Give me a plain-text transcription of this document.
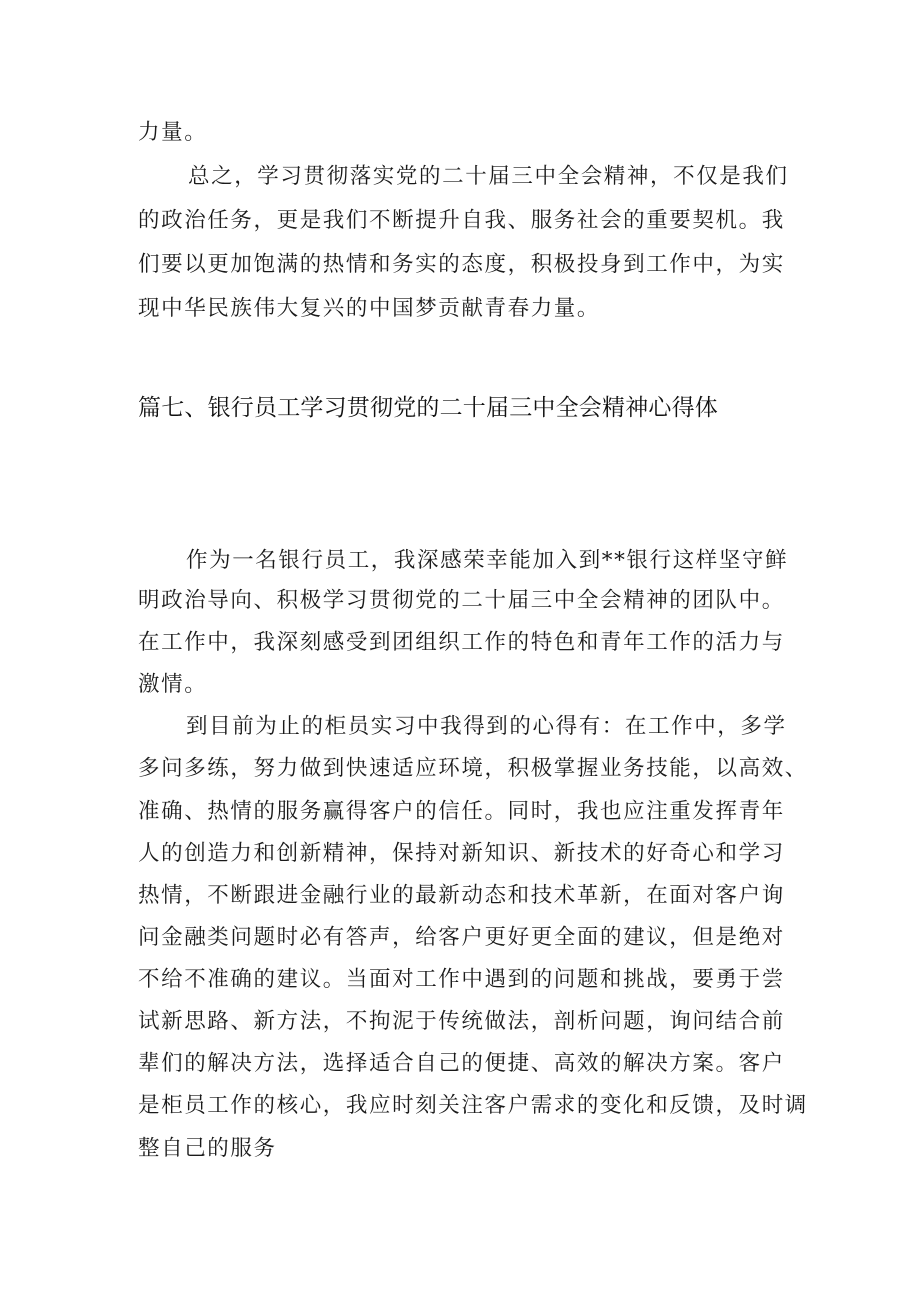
力量。
总之，学习贯彻落实党的二十届三中全会精神，不仅是我们
的政治任务，更是我们不断提升自我、服务社会的重要契机。我
们要以更加饱满的热情和务实的态度，积极投身到工作中，为实
现中华民族伟大复兴的中国梦贡献青春力量。
篇七、银行员工学习贯彻党的二十届三中全会精神心得体
作为一名银行员工，我深感荣幸能加入到**银行这样坚守鲜
明政治导向、积极学习贯彻党的二十届三中全会精神的团队中。
在工作中，我深刻感受到团组织工作的特色和青年工作的活力与
激情。
到目前为止的柜员实习中我得到的心得有：在工作中，多学
多问多练，努力做到快速适应环境，积极掌握业务技能，以高效、
准确、热情的服务赢得客户的信任。同时，我也应注重发挥青年
人的创造力和创新精神，保持对新知识、新技术的好奇心和学习
热情，不断跟进金融行业的最新动态和技术革新，在面对客户询
问金融类问题时必有答声，给客户更好更全面的建议，但是绝对
不给不准确的建议。当面对工作中遇到的问题和挑战，要勇于尝
试新思路、新方法，不拘泥于传统做法，剖析问题，询问结合前
辈们的解决方法，选择适合自己的便捷、高效的解决方案。客户
是柜员工作的核心，我应时刻关注客户需求的变化和反馈，及时调
整自己的服务
